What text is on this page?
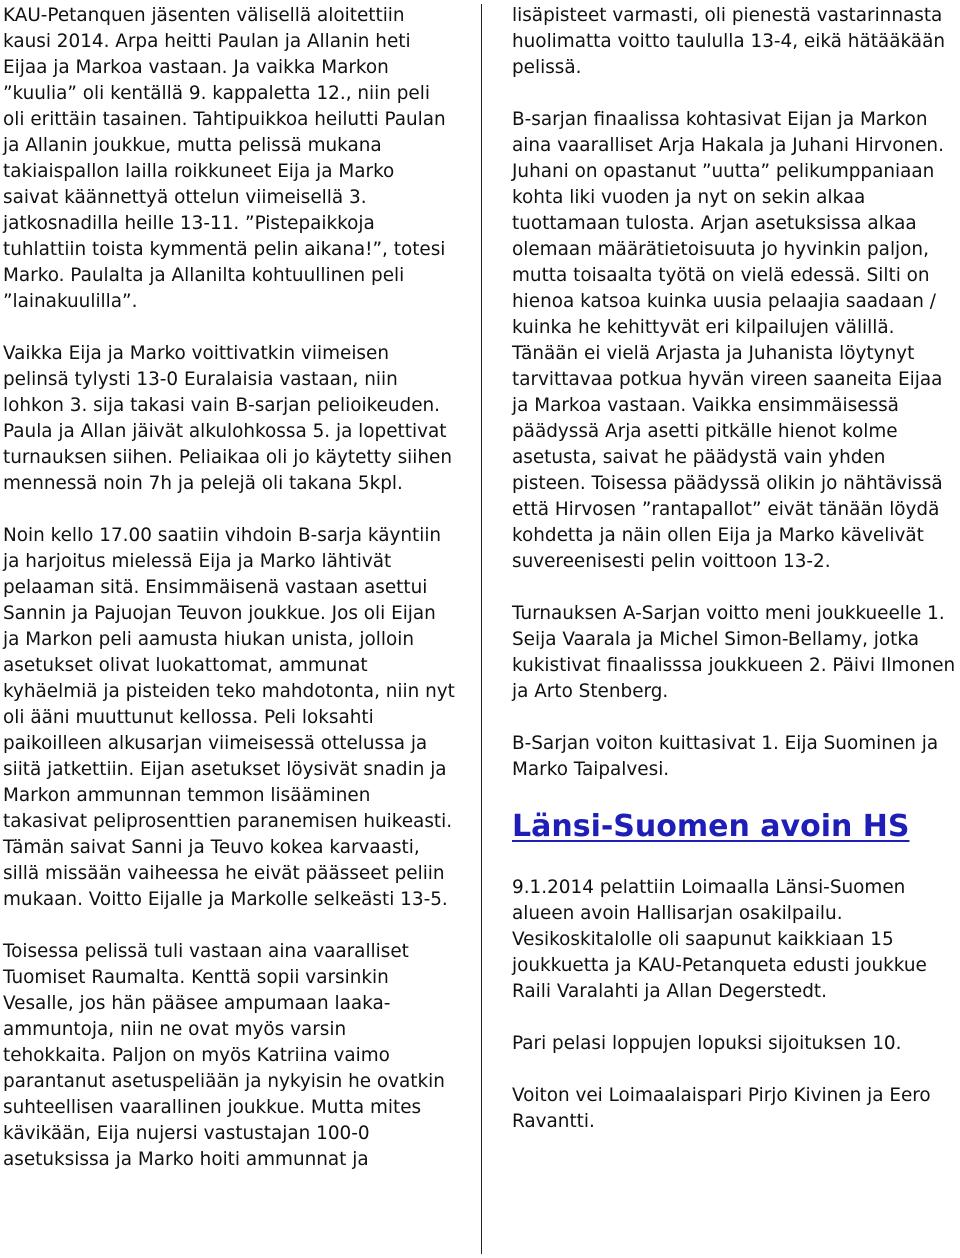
KAU-Petanquen jäsenten välisellä aloitettiin kausi 2014. Arpa heitti Paulan ja Allanin heti Eijaa ja Markoa vastaan. Ja vaikka Markon ”kuulia” oli kentällä 9. kappaletta 12., niin peli oli erittäin tasainen. Tahtipuikkoa heilutti Paulan ja Allanin joukkue, mutta pelissä mukana takiaispallon lailla roikkuneet Eija ja Marko saivat käännettyä ottelun viimeisellä 3. jatkosnadilla heille 13-11. ”Pistepaikkoja tuhlattiin toista kymmentä pelin aikana!”, totesi Marko. Paulalta ja Allanilta kohtuullinen peli ”lainakuulilla”.

Vaikka Eija ja Marko voittivatkin viimeisen pelinsä tylysti 13-0 Euralaisia vastaan, niin lohkon 3. sija takasi vain B-sarjan pelioikeuden. Paula ja Allan jäivät alkulohkossa 5. ja lopettivat turnauksen siihen. Peliaikaa oli jo käytetty siihen mennessä noin 7h ja pelejä oli takana 5kpl.

Noin kello 17.00 saatiin vihdoin B-sarja käyntiin ja harjoitus mielessä Eija ja Marko lähtivät pelaaman sitä. Ensimmäisenä vastaan asettui Sannin ja Pajuojan Teuvon joukkue. Jos oli Eijan ja Markon peli aamusta hiukan unista, jolloin asetukset olivat luokattomat, ammunat kyhäelmiä ja pisteiden teko mahdotonta, niin nyt oli ääni muuttunut kellossa. Peli loksahti paikoilleen alkusarjan viimeisessä ottelussa ja siitä jatkettiin. Eijan asetukset löysivät snadin ja Markon ammunnan temmon lisääminen takasivat peliprosenttien paranemisen huikeasti. Tämän saivat Sanni ja Teuvo kokea karvaasti, sillä missään vaiheessa he eivät päässeet peliin mukaan. Voitto Eijalle ja Markolle selkeästi 13-5.

Toisessa pelissä tuli vastaan aina vaaralliset Tuomiset Raumalta. Kenttä sopii varsinkin Vesalle, jos hän pääsee ampumaan laaka-ammuntoja, niin ne ovat myös varsin tehokkaita. Paljon on myös Katriina vaimo parantanut asetuspeliään ja nykyisin he ovatkin suhteellisen vaarallinen joukkue. Mutta mites kävikään, Eija nujersi vastustajan 100-0 asetuksissa ja Marko hoiti ammunnat ja

lisäpisteet varmasti, oli pienestä vastarinnasta huolimatta voitto taululla 13-4, eikä hätääkään pelissä.

B-sarjan finaalissa kohtasivat Eijan ja Markon aina vaaralliset Arja Hakala ja Juhani Hirvonen. Juhani on opastanut ”uutta” pelikumppaniaan kohta liki vuoden ja nyt on sekin alkaa tuottamaan tulosta. Arjan asetuksissa alkaa olemaan määrätietoisuuta jo hyvinkin paljon, mutta toisaalta työtä on vielä edessä. Silti on hienoa katsoa kuinka uusia pelaajia saadaan / kuinka he kehittyvät eri kilpailujen välillä. Tänään ei vielä Arjasta ja Juhanista löytynyt tarvittavaa potkua hyvän vireen saaneita Eijaa ja Markoa vastaan. Vaikka ensimmäisessä päädyssä Arja asetti pitkälle hienot kolme asetusta, saivat he päädystä vain yhden pisteen. Toisessa päädyssä olikin jo nähtävissä että Hirvosen ”rantapallot” eivät tänään löydä kohdetta ja näin ollen Eija ja Marko kävelivät suvereenisesti pelin voittoon 13-2.

Turnauksen A-Sarjan voitto meni joukkueelle 1. Seija Vaarala ja Michel Simon-Bellamy, jotka kukistivat finaalisssa joukkueen 2. Päivi Ilmonen ja Arto Stenberg.

B-Sarjan voiton kuittasivat 1. Eija Suominen ja Marko Taipalvesi.

Länsi-Suomen avoin HS

9.1.2014 pelattiin Loimaalla Länsi-Suomen alueen avoin Hallisarjan osakilpailu. Vesikoskitalolle oli saapunut kaikkiaan 15 joukkuetta ja KAU-Petanqueta edusti joukkue Raili Varalahti ja Allan Degerstedt.

Pari pelasi loppujen lopuksi sijoituksen 10.

Voiton vei Loimaalaispari Pirjo Kivinen ja Eero Ravantti.
